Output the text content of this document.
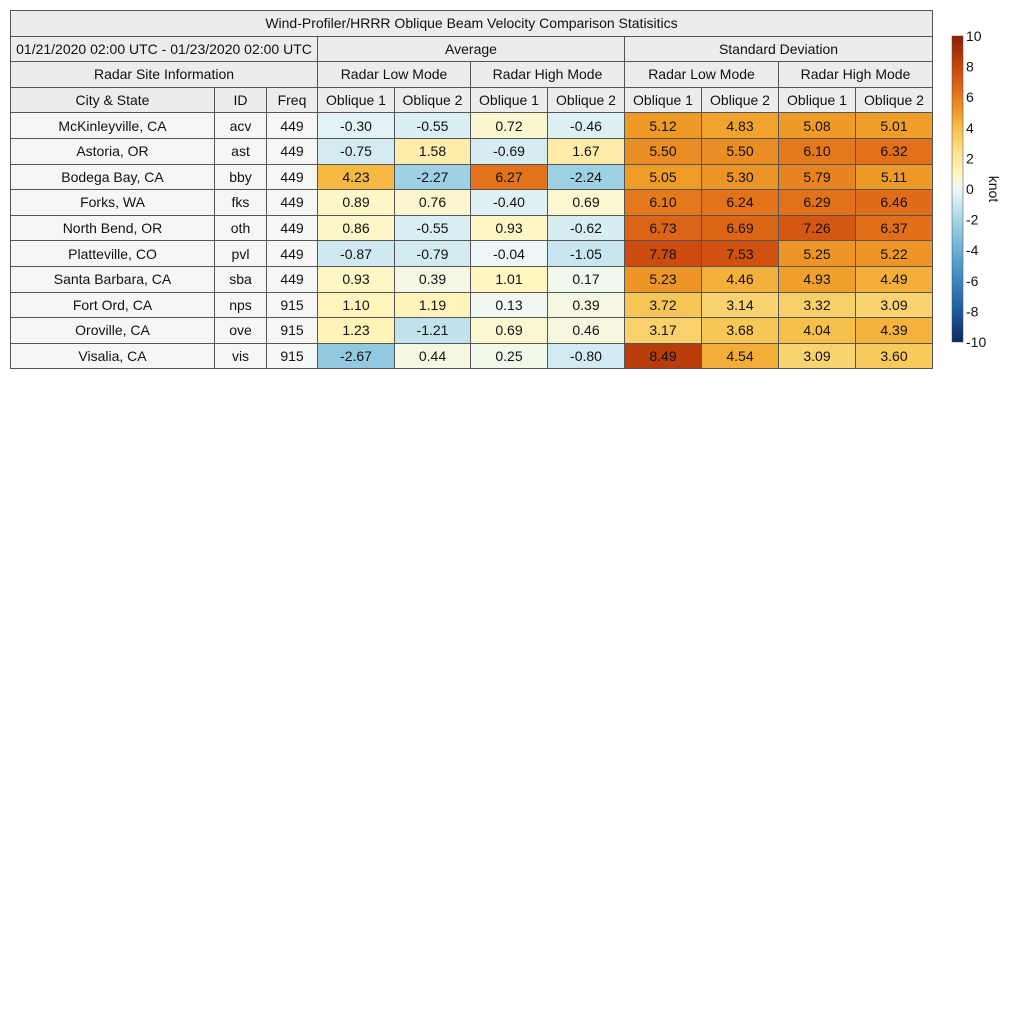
Wind-Profiler/HRRR Oblique Beam Velocity Comparison Statisitics										
01/21/2020 02:00 UTC - 01/23/2020 02:00 UTC			Average				Standard Deviation			
Radar Site Information			Radar Low Mode		Radar High Mode		Radar Low Mode		Radar High Mode	
City & State	ID	Freq	Oblique 1	Oblique 2	Oblique 1	Oblique 2	Oblique 1	Oblique 2	Oblique 1	Oblique 2
McKinleyville, CA	acv	449	-0.30	-0.55	0.72	-0.46	5.12	4.83	5.08	5.01
Astoria, OR	ast	449	-0.75	1.58	-0.69	1.67	5.50	5.50	6.10	6.32
Bodega Bay, CA	bby	449	4.23	-2.27	6.27	-2.24	5.05	5.30	5.79	5.11
Forks, WA	fks	449	0.89	0.76	-0.40	0.69	6.10	6.24	6.29	6.46
North Bend, OR	oth	449	0.86	-0.55	0.93	-0.62	6.73	6.69	7.26	6.37
Platteville, CO	pvl	449	-0.87	-0.79	-0.04	-1.05	7.78	7.53	5.25	5.22
Santa Barbara, CA	sba	449	0.93	0.39	1.01	0.17	5.23	4.46	4.93	4.49
Fort Ord, CA	nps	915	1.10	1.19	0.13	0.39	3.72	3.14	3.32	3.09
Oroville, CA	ove	915	1.23	-1.21	0.69	0.46	3.17	3.68	4.04	4.39
Visalia, CA	vis	915	-2.67	0.44	0.25	-0.80	8.49	4.54	3.09	3.60
10
8
6
4
2
0
-2
-4
-6
-8
-10
knot
